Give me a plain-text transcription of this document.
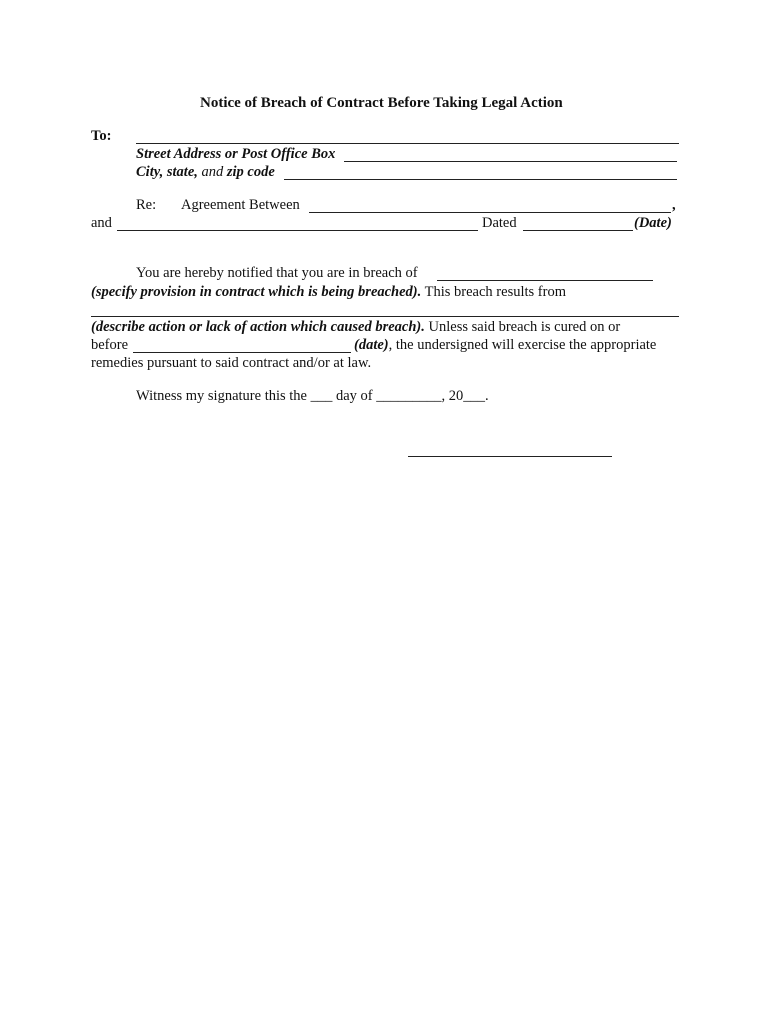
Notice of Breach of Contract Before Taking Legal Action
To:
Street Address or Post Office Box
City, state, and zip code
Re: Agreement Between	,
and	Dated	(Date)
You are hereby notified that you are in breach of
(specify provision in contract which is being breached). This breach results from
(describe action or lack of action which caused breach). Unless said breach is cured on or
before	(date), the undersigned will exercise the appropriate
remedies pursuant to said contract and/or at law.
Witness my signature this the ___ day of _________, 20___.
